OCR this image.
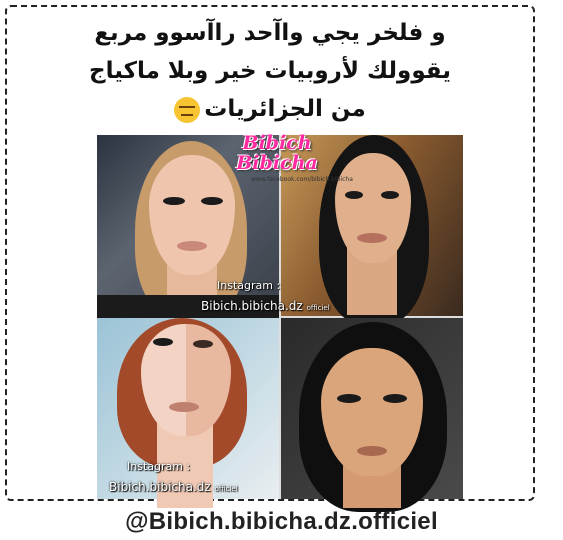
و فلخر يجي واآحد راآسوو مربع
يقوولك لأروبيات خير وبلا ماكياج
من الجزائريات
Bibich
Bibicha
Instagram :
Bibich.bibicha.dz officiel
www.facebook.com/bibich.bibicha
Instagram :
Bibich.bibicha.dz officiel
@Bibich.bibicha.dz.officiel
